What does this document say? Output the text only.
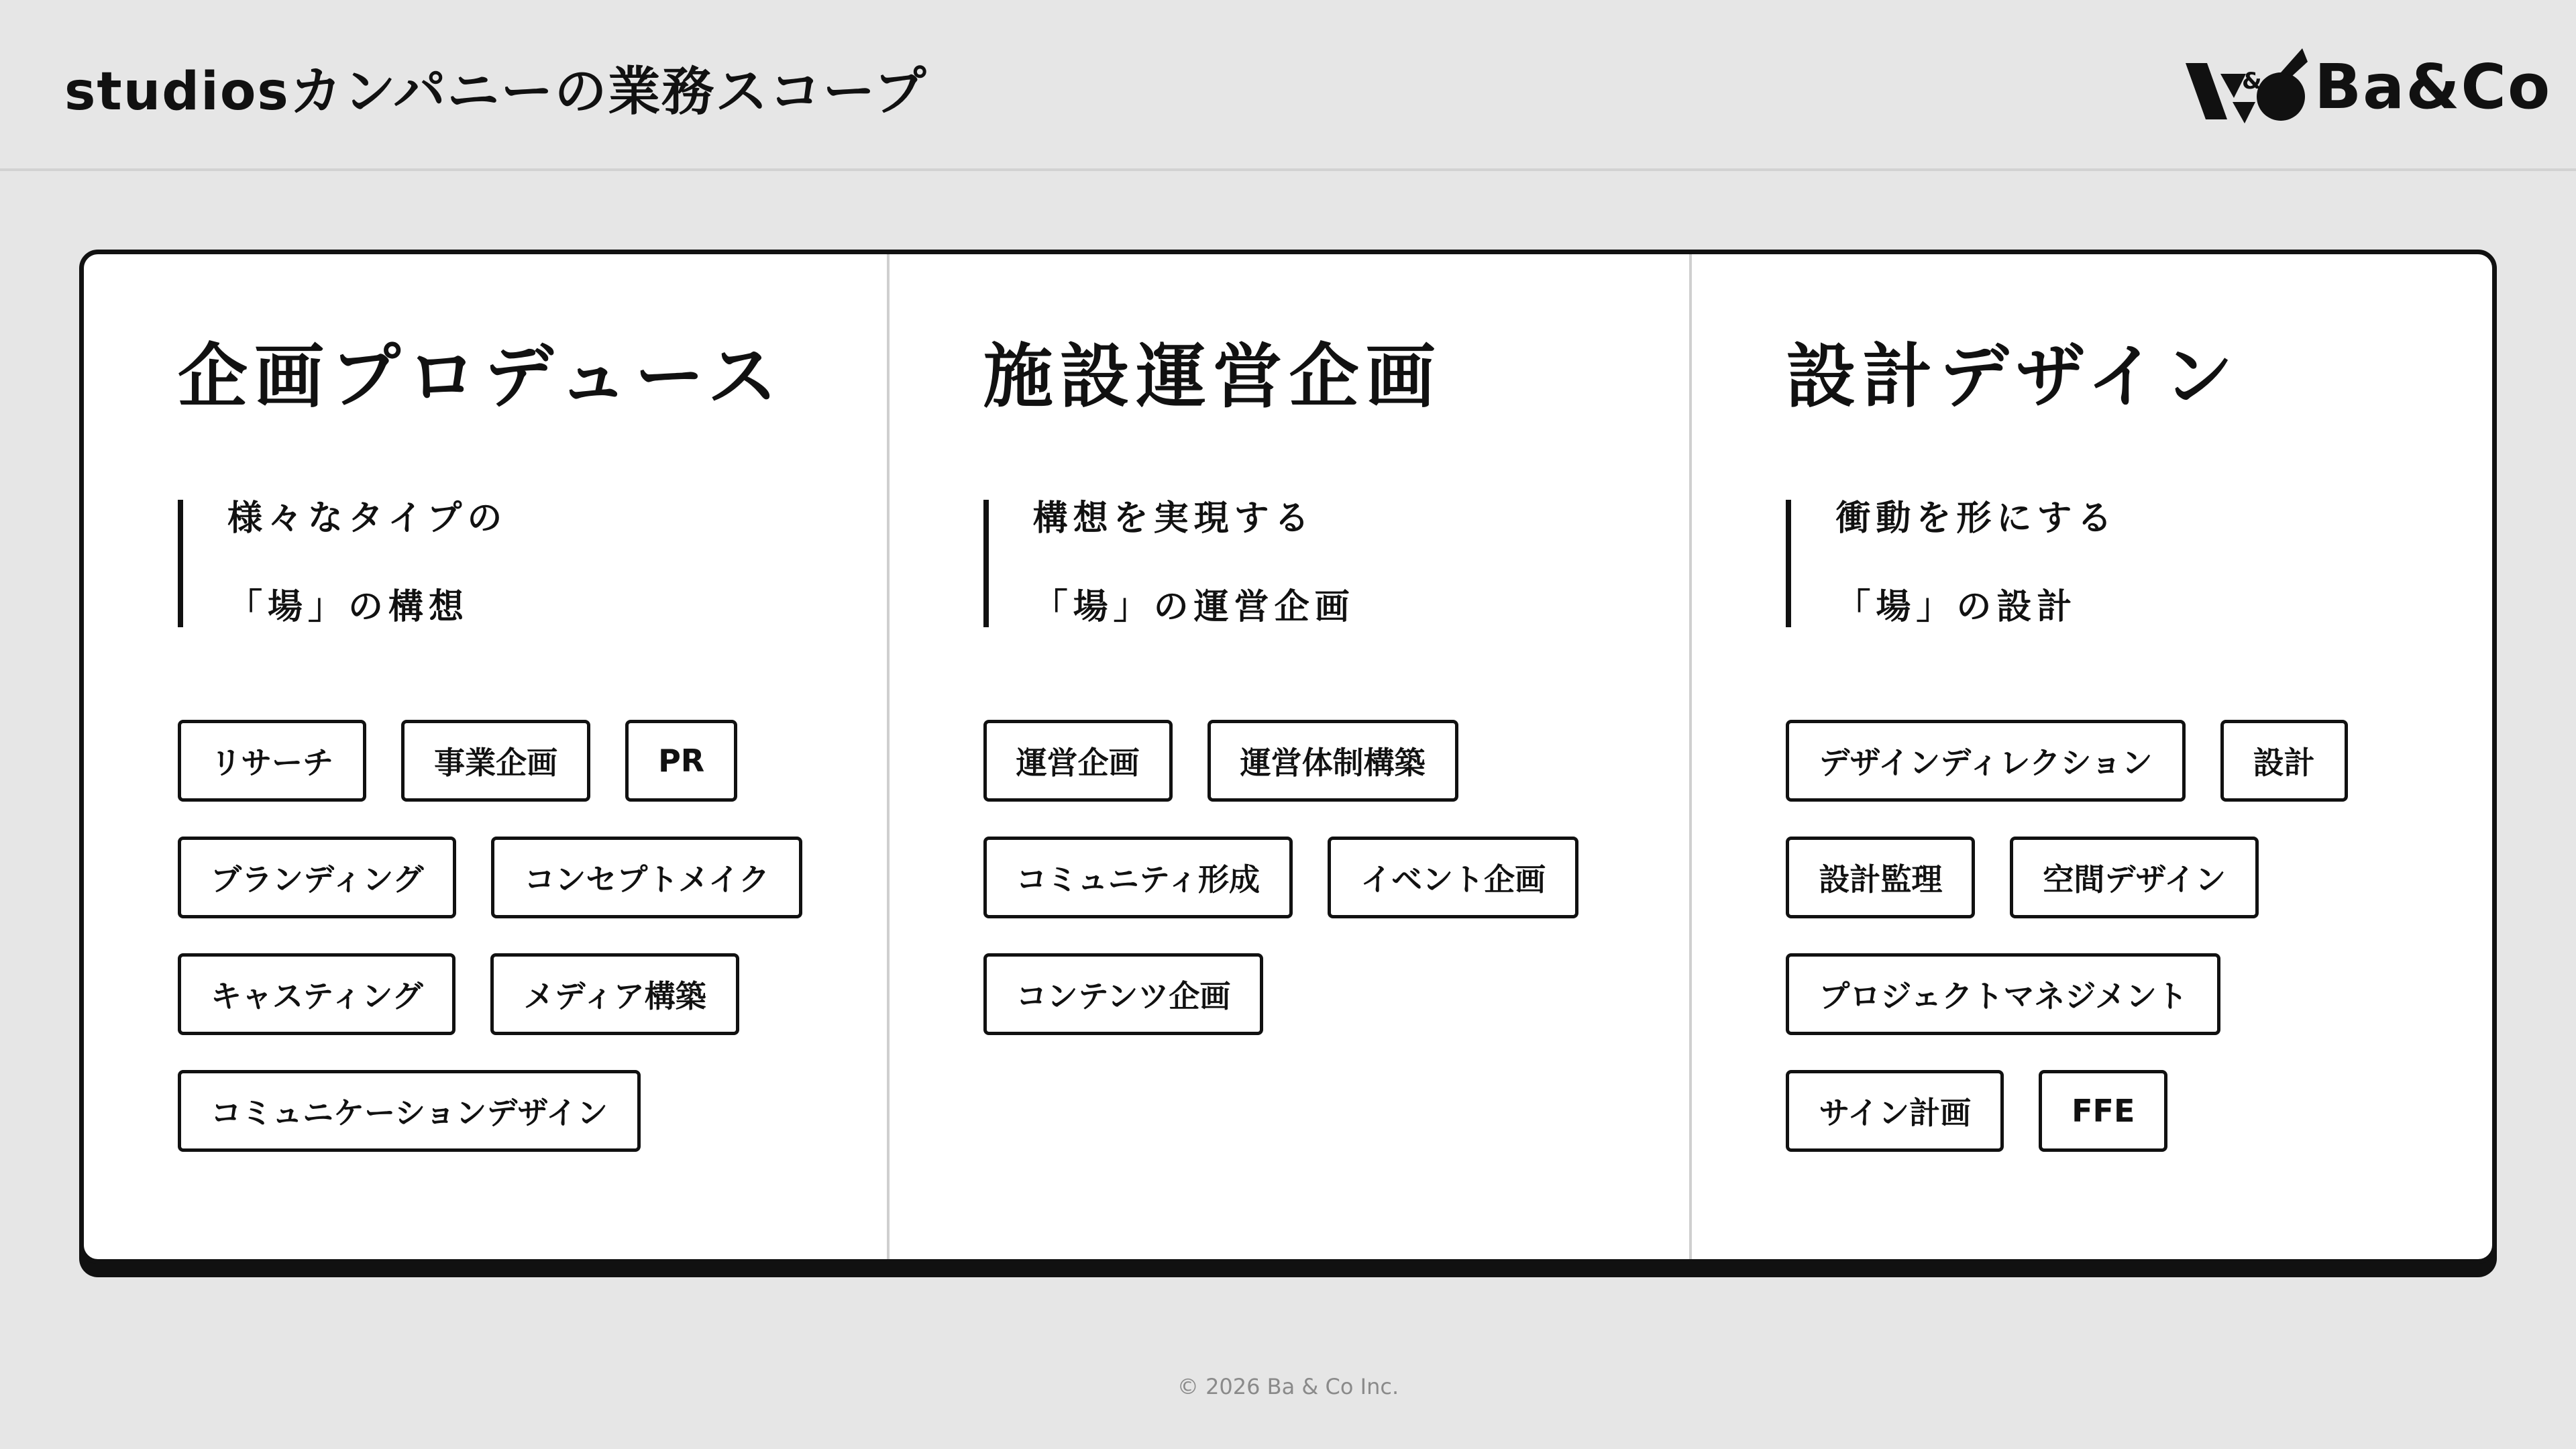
studiosカンパニーの業務スコープ	& Ba&Co
企画プロデュース
様々なタイプの
「場」の構想
リサーチ	事業企画	PR
ブランディング	コンセプトメイク
キャスティング	メディア構築
コミュニケーションデザイン
施設運営企画
構想を実現する
「場」の運営企画
運営企画	運営体制構築
コミュニティ形成	イベント企画
コンテンツ企画
設計デザイン
衝動を形にする
「場」の設計
デザインディレクション	設計
設計監理	空間デザイン
プロジェクトマネジメント
サイン計画	FFE
© 2026 Ba & Co Inc.
